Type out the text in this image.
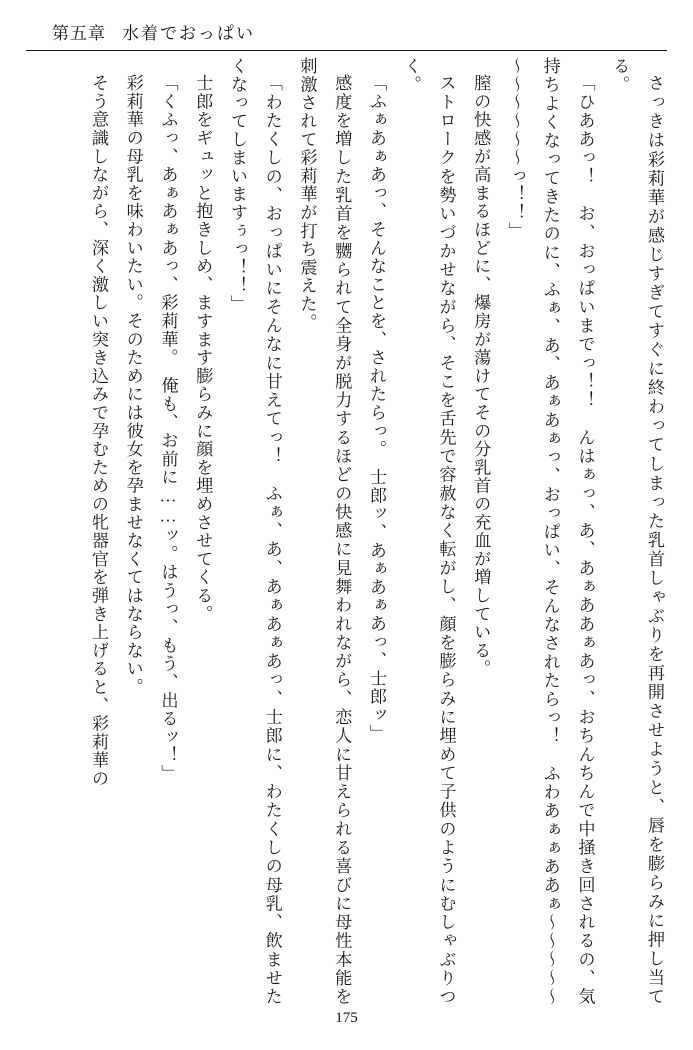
第五章 水着でおっぱい

さっきは彩莉華が感じすぎてすぐに終わってしまった乳首しゃぶりを再開させようと、唇を膨らみに押し当てる。

「ひああっ！　お、おっぱいまでっ！！　んはぁっ、あ、あぁああぁあっ、おちんちんで中掻き回されるの、気持ちよくなってきたのに、ふぁ、あ、あぁあぁっ、おっぱい、そんなされたらっ！　ふわあぁぁああぁ～～～～～～～～～～～っ！！」

膣の快感が高まるほどに、爆房が蕩けてその分乳首の充血が増している。

ストロークを勢いづかせながら、そこを舌先で容赦なく転がし、顔を膨らみに埋めて子供のようにむしゃぶりつく。

「ふぁあぁあっ、そんなことを、されたらっ。　士郎ッ、あぁあぁあっ、士郎ッ」

感度を増した乳首を嬲られて全身が脱力するほどの快感に見舞われながら、恋人に甘えられる喜びに母性本能を刺激されて彩莉華が打ち震えた。

「わたくしの、おっぱいにそんなに甘えてっ！　ふぁ、あ、あぁあぁあっ、士郎に、わたくしの母乳、飲ませたくなってしまいますぅっ！！」

士郎をギュッと抱きしめ、ますます膨らみに顔を埋めさせてくる。

「くふっ、あぁあぁあっ、彩莉華。　俺も、お前に……ッ。はうっ、もう、出るッ！」

彩莉華の母乳を味わいたい。そのためには彼女を孕ませなくてはならない。

そう意識しながら、深く激しい突き込みで孕むための牝器官を弾き上げると、彩莉華の

175
